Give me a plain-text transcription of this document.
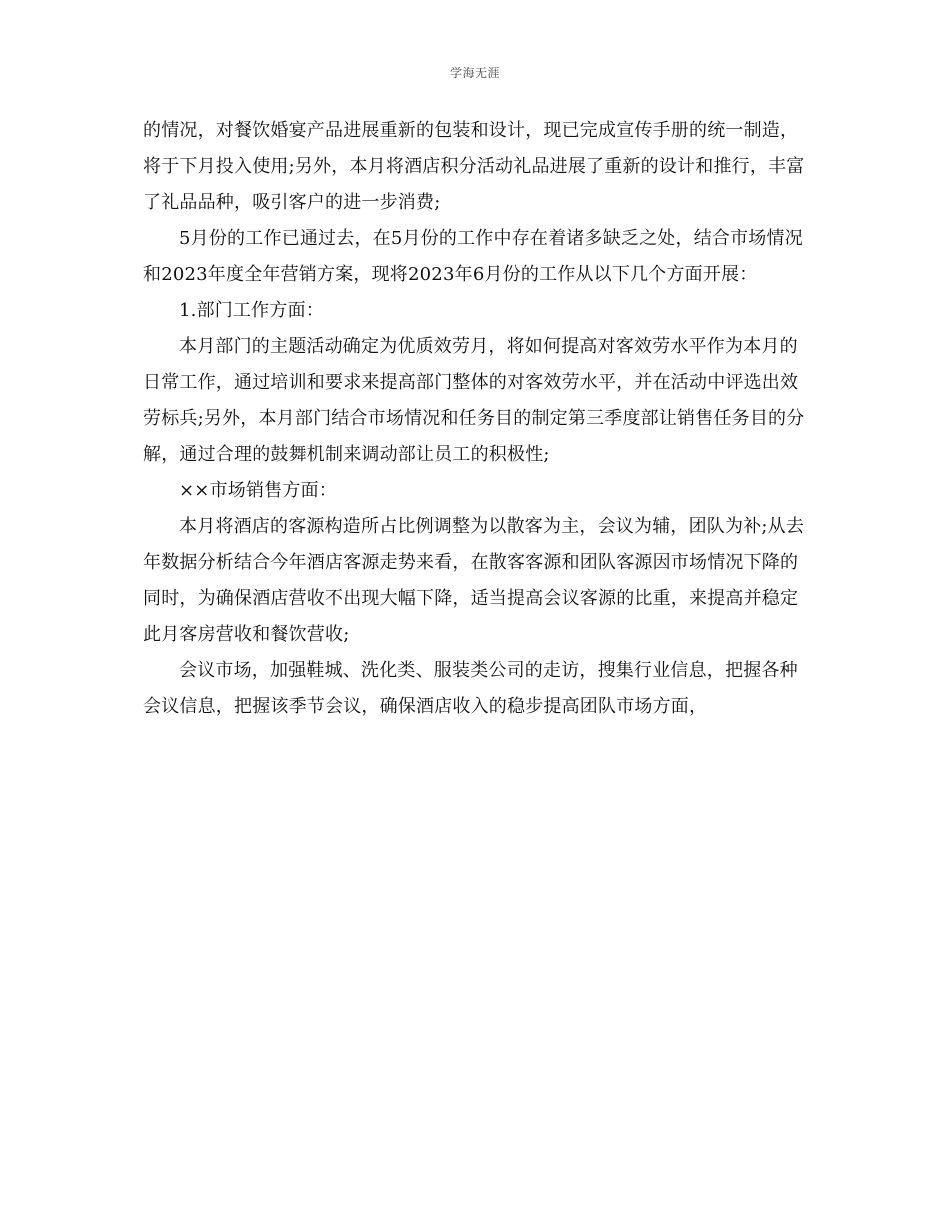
学海无涯

的情况，对餐饮婚宴产品进展重新的包装和设计，现已完成宣传手册的统一制造，将于下月投入使用;另外，本月将酒店积分活动礼品进展了重新的设计和推行，丰富了礼品品种，吸引客户的进一步消费;

5月份的工作已通过去，在5月份的工作中存在着诸多缺乏之处，结合市场情况和2023年度全年营销方案，现将2023年6月份的工作从以下几个方面开展：

1.部门工作方面：

本月部门的主题活动确定为优质效劳月，将如何提高对客效劳水平作为本月的日常工作，通过培训和要求来提高部门整体的对客效劳水平，并在活动中评选出效劳标兵;另外，本月部门结合市场情况和任务目的制定第三季度部让销售任务目的分解，通过合理的鼓舞机制来调动部让员工的积极性;

××市场销售方面：

本月将酒店的客源构造所占比例调整为以散客为主，会议为辅，团队为补;从去年数据分析结合今年酒店客源走势来看，在散客客源和团队客源因市场情况下降的同时，为确保酒店营收不出现大幅下降，适当提高会议客源的比重，来提高并稳定此月客房营收和餐饮营收;

会议市场，加强鞋城、洗化类、服装类公司的走访，搜集行业信息，把握各种会议信息，把握该季节会议，确保酒店收入的稳步提高团队市场方面，
